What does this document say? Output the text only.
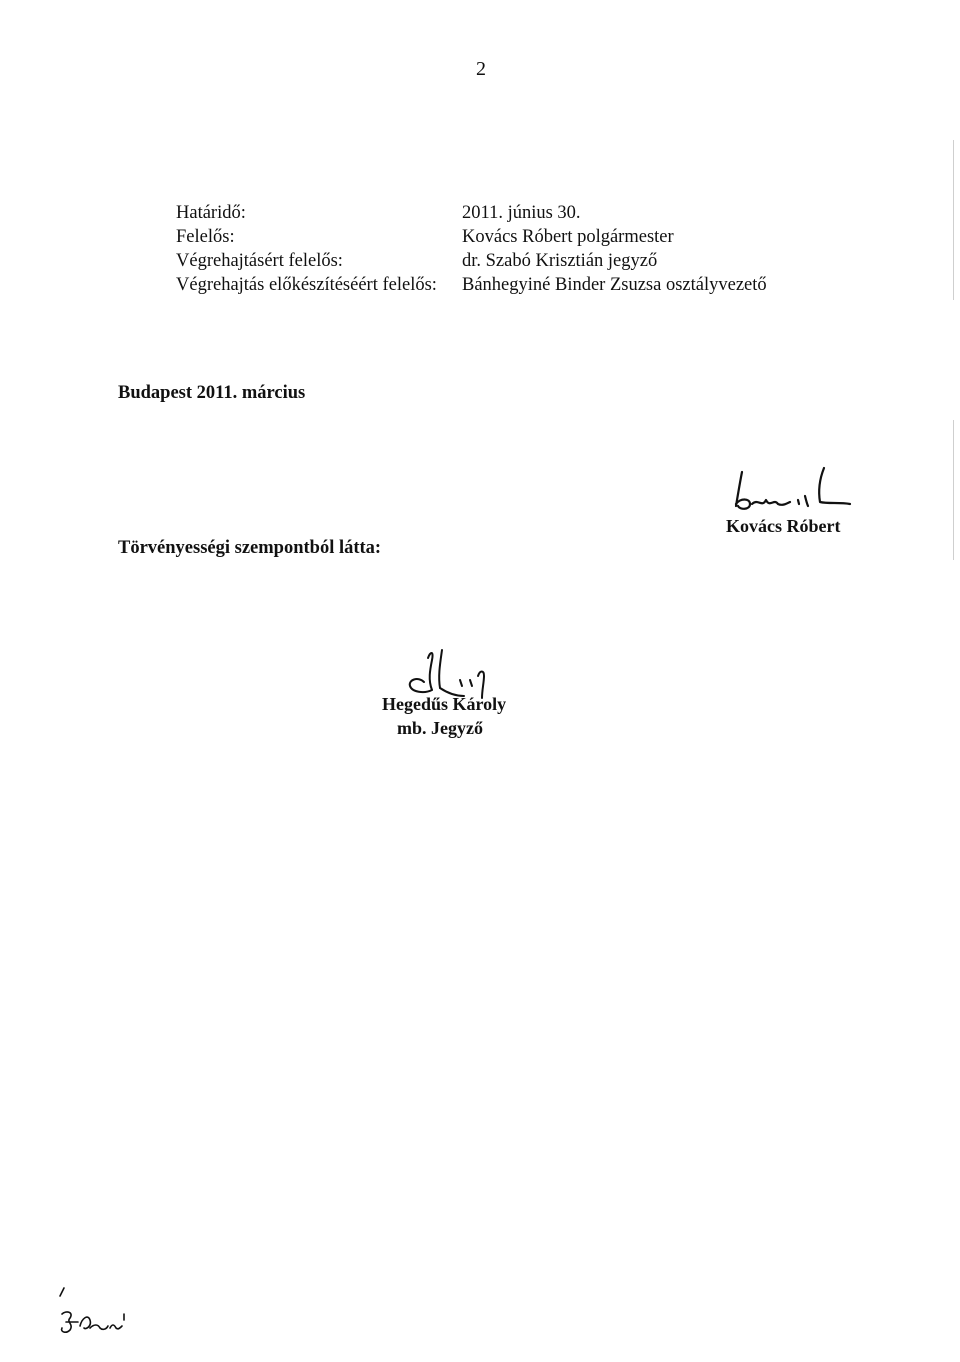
2
Határidő:	2011. június 30.
Felelős:	Kovács Róbert polgármester
Végrehajtásért felelős:	dr. Szabó Krisztián jegyző
Végrehajtás előkészítéséért felelős: Bánhegyiné Binder Zsuzsa osztályvezető
Budapest 2011. március
Kovács Róbert
Törvényességi szempontból látta:
Hegedűs Károly
mb. Jegyző
